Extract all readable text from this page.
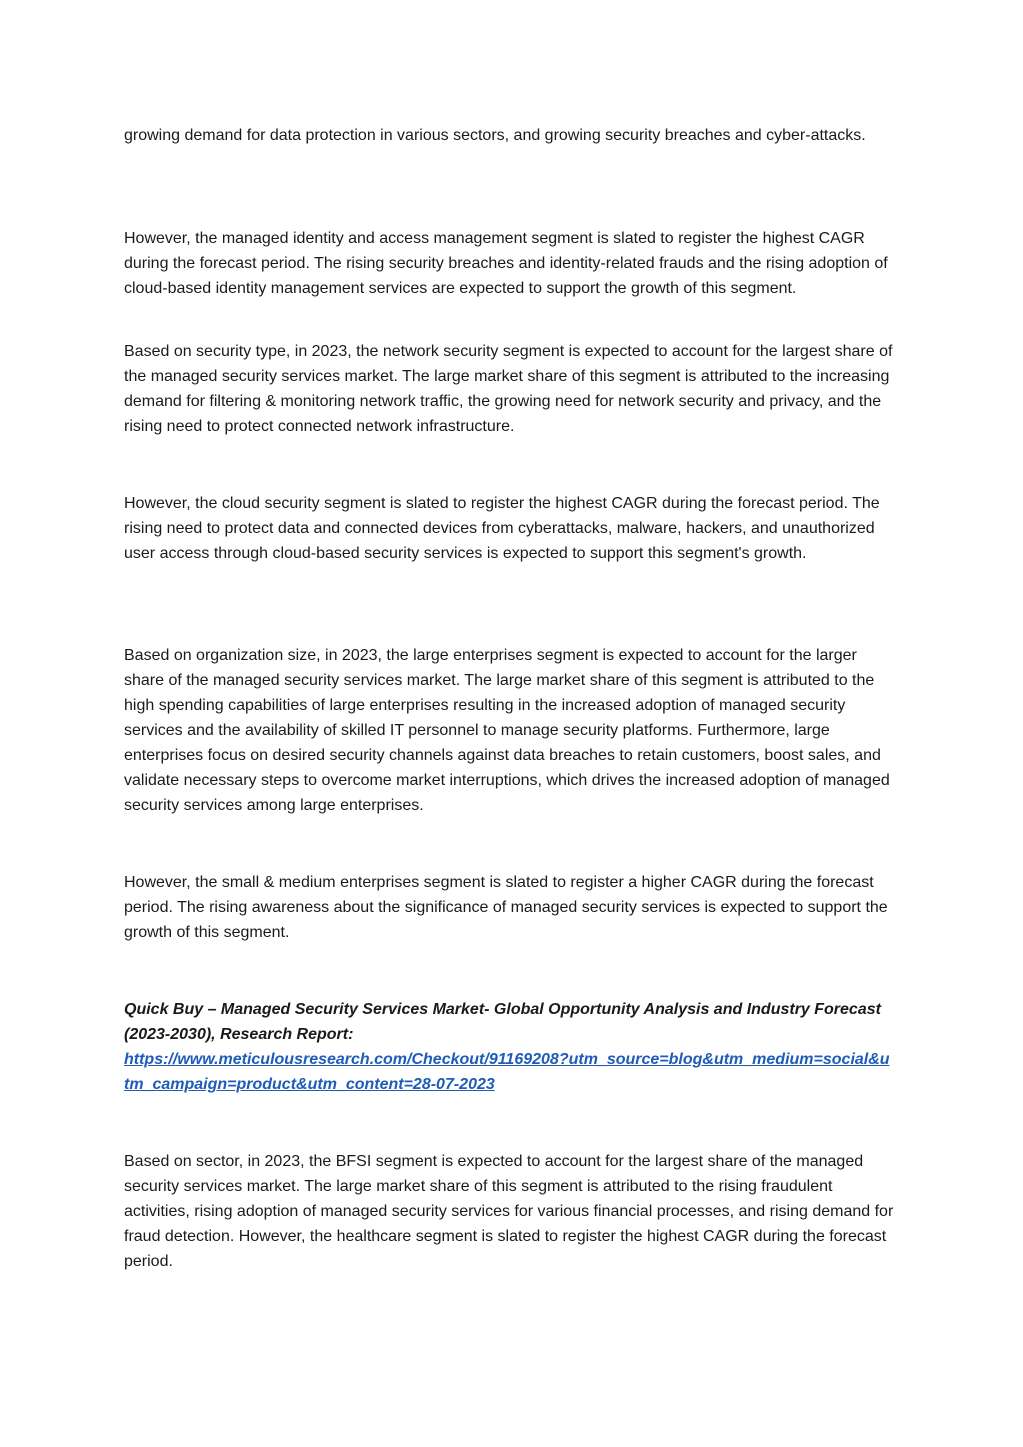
growing demand for data protection in various sectors, and growing security breaches and cyber-attacks.

However, the managed identity and access management segment is slated to register the highest CAGR during the forecast period. The rising security breaches and identity-related frauds and the rising adoption of cloud-based identity management services are expected to support the growth of this segment.

Based on security type, in 2023, the network security segment is expected to account for the largest share of the managed security services market. The large market share of this segment is attributed to the increasing demand for filtering & monitoring network traffic, the growing need for network security and privacy, and the rising need to protect connected network infrastructure.

However, the cloud security segment is slated to register the highest CAGR during the forecast period. The rising need to protect data and connected devices from cyberattacks, malware, hackers, and unauthorized user access through cloud-based security services is expected to support this segment's growth.

Based on organization size, in 2023, the large enterprises segment is expected to account for the larger share of the managed security services market. The large market share of this segment is attributed to the high spending capabilities of large enterprises resulting in the increased adoption of managed security services and the availability of skilled IT personnel to manage security platforms. Furthermore, large enterprises focus on desired security channels against data breaches to retain customers, boost sales, and validate necessary steps to overcome market interruptions, which drives the increased adoption of managed security services among large enterprises.

However, the small & medium enterprises segment is slated to register a higher CAGR during the forecast period. The rising awareness about the significance of managed security services is expected to support the growth of this segment.

Quick Buy – Managed Security Services Market- Global Opportunity Analysis and Industry Forecast (2023-2030), Research Report:
https://www.meticulousresearch.com/Checkout/91169208?utm_source=blog&utm_medium=social&utm_campaign=product&utm_content=28-07-2023

Based on sector, in 2023, the BFSI segment is expected to account for the largest share of the managed security services market. The large market share of this segment is attributed to the rising fraudulent activities, rising adoption of managed security services for various financial processes, and rising demand for fraud detection. However, the healthcare segment is slated to register the highest CAGR during the forecast period.
